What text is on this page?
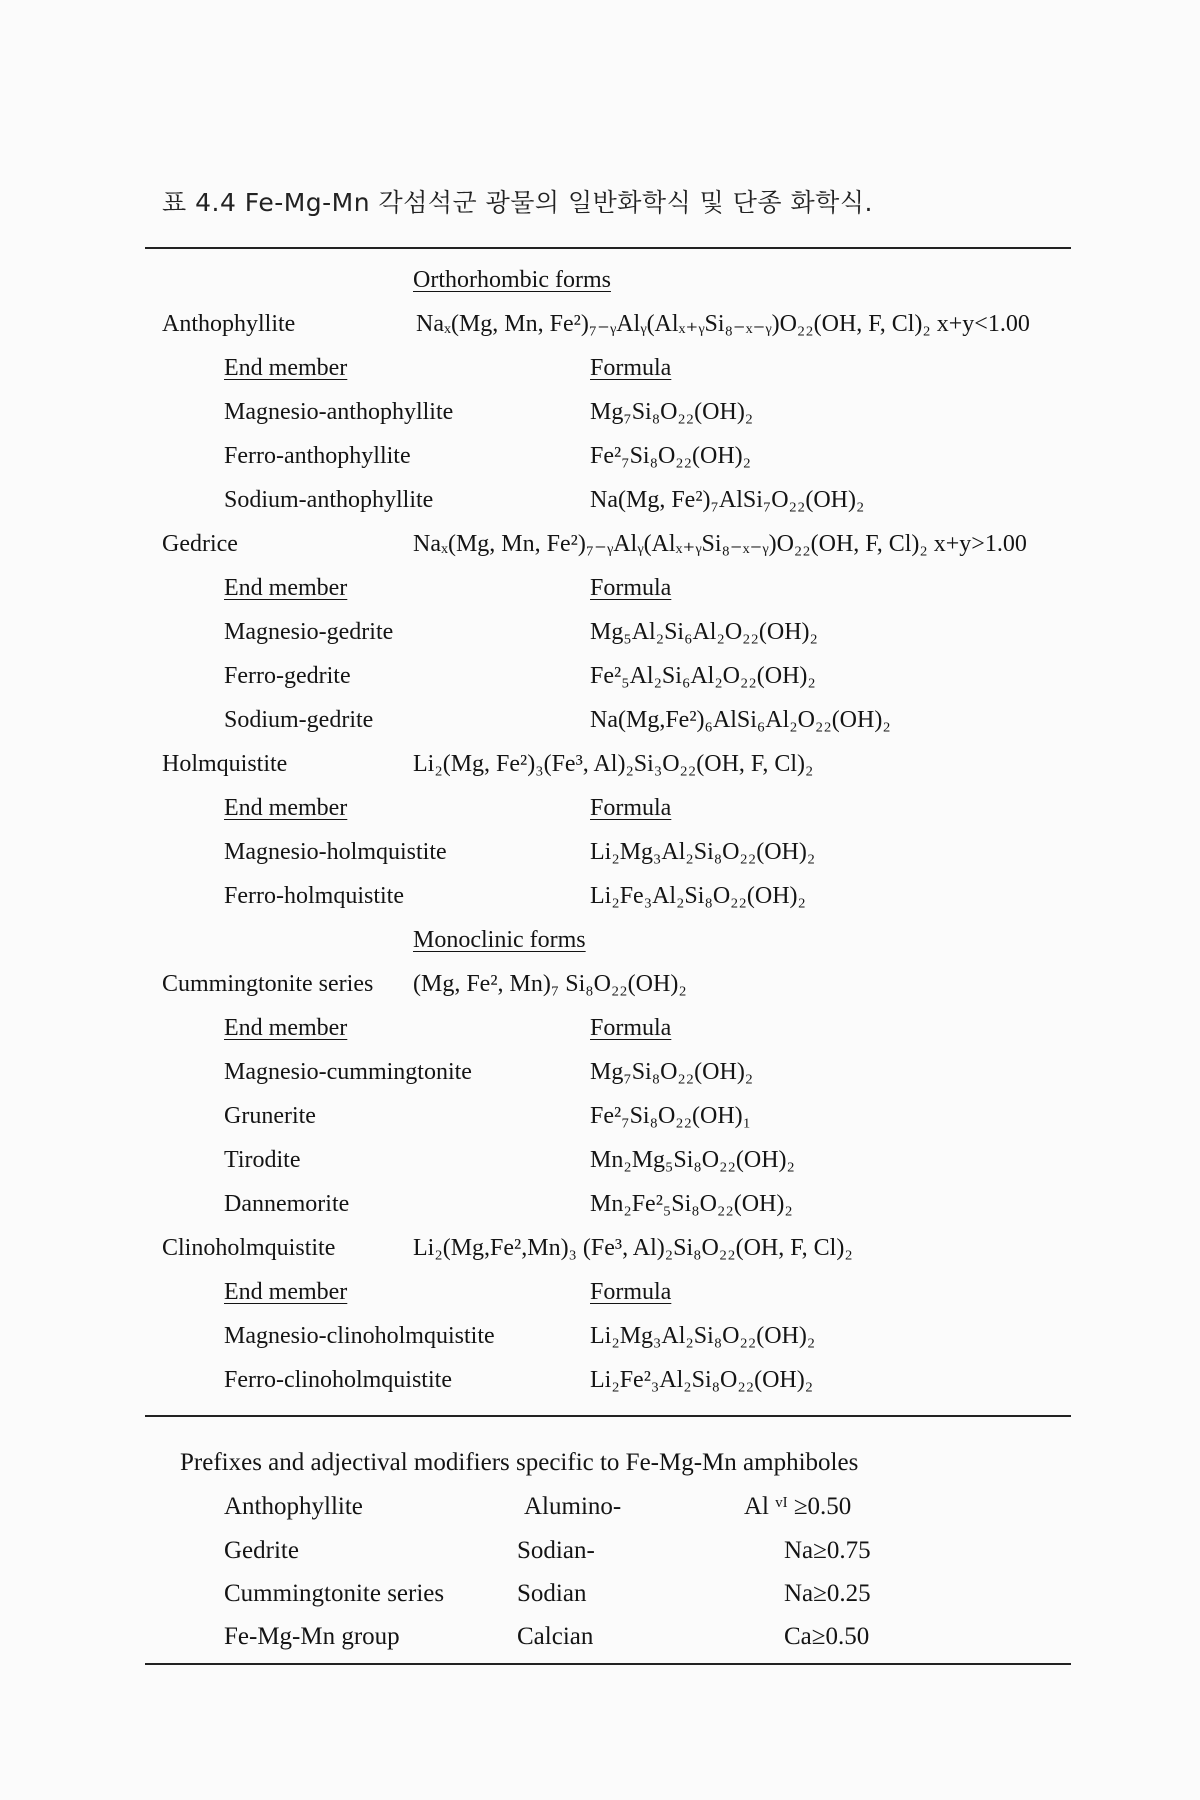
표 4.4 Fe-Mg-Mn 각섬석군 광물의 일반화학식 및 단종 화학식.
Orthorhombic forms
Anthophyllite	Naₓ(Mg, Mn, Fe²)₇₋ᵧAlᵧ(Alₓ₊ᵧSi₈₋ₓ₋ᵧ)O₂₂(OH, F, Cl)₂ x+y<1.00
End member	Formula
Magnesio-anthophyllite	Mg₇Si₈O₂₂(OH)₂
Ferro-anthophyllite	Fe²₇Si₈O₂₂(OH)₂
Sodium-anthophyllite	Na(Mg, Fe²)₇AlSi₇O₂₂(OH)₂
Gedrice	Naₓ(Mg, Mn, Fe²)₇₋ᵧAlᵧ(Alₓ₊ᵧSi₈₋ₓ₋ᵧ)O₂₂(OH, F, Cl)₂ x+y>1.00
End member	Formula
Magnesio-gedrite	Mg₅Al₂Si₆Al₂O₂₂(OH)₂
Ferro-gedrite	Fe²₅Al₂Si₆Al₂O₂₂(OH)₂
Sodium-gedrite	Na(Mg,Fe²)₆AlSi₆Al₂O₂₂(OH)₂
Holmquistite	Li₂(Mg, Fe²)₃(Fe³, Al)₂Si₃O₂₂(OH, F, Cl)₂
End member	Formula
Magnesio-holmquistite	Li₂Mg₃Al₂Si₈O₂₂(OH)₂
Ferro-holmquistite	Li₂Fe₃Al₂Si₈O₂₂(OH)₂
Monoclinic forms
Cummingtonite series (Mg, Fe², Mn)₇ Si₈O₂₂(OH)₂
End member	Formula
Magnesio-cummingtonite	Mg₇Si₈O₂₂(OH)₂
Grunerite	Fe²₇Si₈O₂₂(OH)₁
Tirodite	Mn₂Mg₅Si₈O₂₂(OH)₂
Dannemorite	Mn₂Fe²₅Si₈O₂₂(OH)₂
Clinoholmquistite	Li₂(Mg,Fe²,Mn)₃ (Fe³, Al)₂Si₈O₂₂(OH, F, Cl)₂
End member	Formula
Magnesio-clinoholmquistite	Li₂Mg₃Al₂Si₈O₂₂(OH)₂
Ferro-clinoholmquistite	Li₂Fe²₃Al₂Si₈O₂₂(OH)₂
Prefixes and adjectival modifiers specific to Fe-Mg-Mn amphiboles
Anthophyllite	Alumino-	Al ᵛᴵ ≥0.50
Gedrite	Sodian-	Na≥0.75
Cummingtonite series	Sodian	Na≥0.25
Fe-Mg-Mn group	Calcian	Ca≥0.50
